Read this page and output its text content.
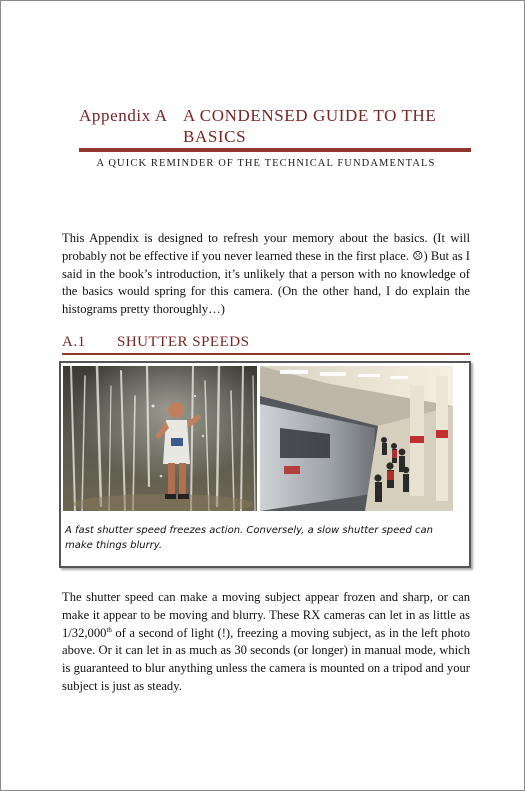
Appendix A A CONDENSED GUIDE TO THE BASICS
A QUICK REMINDER OF THE TECHNICAL FUNDAMENTALS

This Appendix is designed to refresh your memory about the basics. (It will probably not be effective if you never learned these in the first place. ☹) But as I said in the book’s introduction, it’s unlikely that a person with no knowledge of the basics would spring for this camera. (On the other hand, I do explain the histograms pretty thoroughly…)

A.1 SHUTTER SPEEDS

A fast shutter speed freezes action. Conversely, a slow shutter speed can make things blurry.

The shutter speed can make a moving subject appear frozen and sharp, or can make it appear to be moving and blurry. These RX cameras can let in as little as 1/32,000th of a second of light (!), freezing a moving subject, as in the left photo above. Or it can let in as much as 30 seconds (or longer) in manual mode, which is guaranteed to blur anything unless the camera is mounted on a tripod and your subject is just as steady.
